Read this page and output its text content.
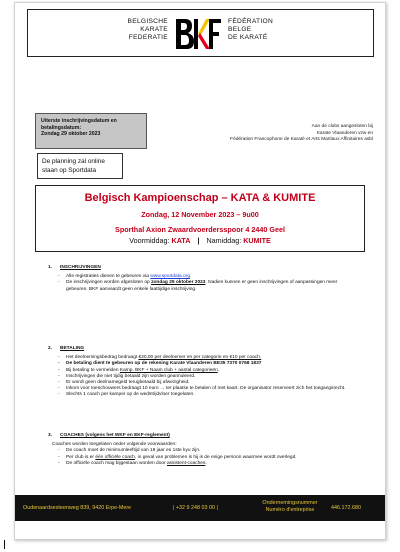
BELGISCHE
KARATE
FEDERATIE
FÉDÉRATION
BELGE
DE KARATÉ
Uiterste inschrijvingsdatum en betalingsdatum:
Zondag 29 oktober 2023
Aan de clubs aangesloten bij
Karate Vlaanderen vzw en
Fédération Francophone de Karaté et Arts Martiaux Affinitaires asbl
De planning zal online
staan op Sportdata
Belgisch Kampioenschap – KATA & KUMITE
Zondag, 12 November 2023 – 9u00
Sporthal Axion Zwaardvoerdersspoor 4 2440 Geel
Voormiddag: KATA | Namiddag: KUMITE
1. INSCHRIJVINGEN
- Alle registraties dienen te gebeuren via www.sportdata.org.
- De inschrijvingen worden afgesloten op zondag 29 oktober 2023. Nadien kunnen er geen inschrijvingen of aanpassingen meer gebeuren. BKF aanvaardt geen enkele laattijdige inschrijving.
2. BETALING
- Het deelnemingsbedrag bedraagt €20,00 per deelnemer en per categorie en €10 per coach.
- De betaling dient te gebeuren op de rekening Karate Vlaanderen BE35 7370 0768 1837
- Bij betaling te vermelden Kamp. BKF + Naam club + aantal categorieën.
- Inschrijvingen die niet tijdig betaald zijn worden geannuleerd.
- Er wordt geen deelnamegeld terugbetaald bij afwezigheid.
- Inkom voor toeschouwers bedraagt 10 euro → ter plaatse te betalen of met kaart. De organisator reserveert zich het toegangsrecht.
- Slechts 1 coach per kamper op de wedstrijdvloer toegelaten.
3. COACHES (volgens het WKF en EKF-reglement)
Coaches worden toegelaten onder volgende voorwaarden:
- De coach moet de minimumleeftijd van 18 jaar en 1ste kyu zijn.
- Per club is er één officiële coach, in geval van problemen is hij is de enige persoon waarmee wordt overlegd.
- De officiële coach mag bijgestaan worden door assistent-coaches.
Oudenaardsesteenweg 839, 9420 Erpe-Mere	| +32 9 248 03 00 |
Ondernemingsnummer
Numéro d'entreprise	446.172.680
